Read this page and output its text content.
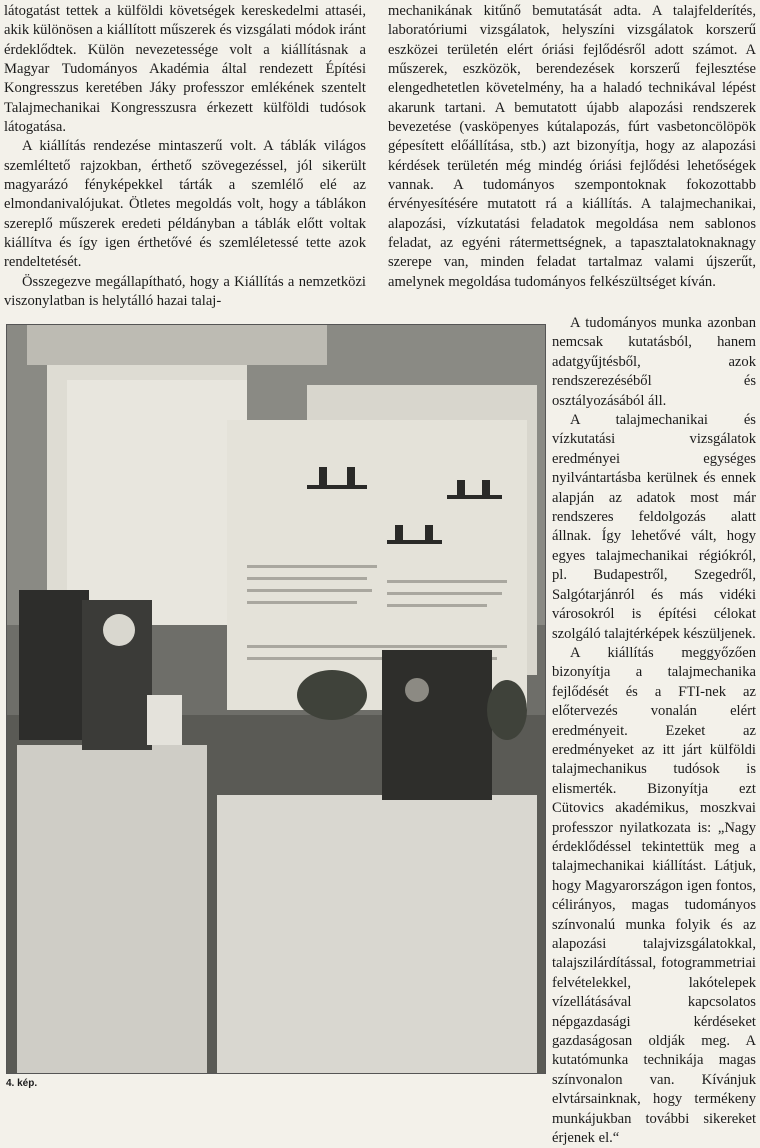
látogatást tettek a külföldi követségek kereskedelmi attaséi, akik különösen a kiállított műszerek és vizsgálati módok iránt érdeklődtek. Külön nevezetessége volt a kiállításnak a Magyar Tudományos Akadémia által rendezett Építési Kongresszus keretében Jáky professzor emlékének szentelt Talajmechanikai Kongresszusra érkezett külföldi tudósok látogatása.

A kiállítás rendezése mintaszerű volt. A táblák világos szemléltető rajzokban, érthető szövegezéssel, jól sikerült magyarázó fényképekkel tárták a szemlélő elé az elmondanivalójukat. Ötletes megoldás volt, hogy a táblákon szereplő műszerek eredeti példányban a táblák előtt voltak kiállítva és így igen érthetővé és szemléletessé tette azok rendeltetését.

Összegezve megállapítható, hogy a Kiállítás a nemzetközi viszonylatban is helytálló hazai talaj-

mechanikának kitűnő bemutatását adta. A talajfelderítés, laboratóriumi vizsgálatok, helyszíni vizsgálatok korszerű eszközei területén elért óriási fejlődésről adott számot. A műszerek, eszközök, berendezések korszerű fejlesztése elengedhetetlen követelmény, ha a haladó technikával lépést akarunk tartani. A bemutatott újabb alapozási rendszerek bevezetése (vasköpenyes kútalapozás, fúrt vasbetoncölöpök gépesített előállítása, stb.) azt bizonyítja, hogy az alapozási kérdések területén még mindég óriási fejlődési lehetőségek vannak. A tudományos szempontoknak fokozottabb érvényesítésére mutatott rá a kiállítás. A talajmechanikai, alapozási, vízkutatási feladatok megoldása nem sablonos feladat, az egyéni rátermettségnek, a tapasztalatoknaknagy szerepe van, minden feladat tartalmaz valami újszerűt, amelynek megoldása tudományos felkészültséget kíván.

A tudományos munka azonban nemcsak kutatásból, hanem adatgyűjtésből, azok rendszerezéséből és osztályozásából áll.

A talajmechanikai és vízkutatási vizsgálatok eredményei egységes nyilvántartásba kerülnek és ennek alapján az adatok most már rendszeres feldolgozás alatt állnak. Így lehetővé vált, hogy egyes talajmechanikai régiókról, pl. Budapestről, Szegedről, Salgótarjánról és más vidéki városokról is építési célokat szolgáló talajtérképek készüljenek.

A kiállítás meggyőzően bizonyítja a talajmechanika fejlődését és a FTI-nek az előtervezés vonalán elért eredményeit. Ezeket az eredményeket az itt járt külföldi talajmechanikus tudósok is elismerték. Bizonyítja ezt Cütovics akadémikus, moszkvai professzor nyilatkozata is: „Nagy érdeklődéssel tekintettük meg a talajmechanikai kiállítást. Látjuk, hogy Magyarországon igen fontos, célirányos, magas tudományos színvonalú munka folyik és az alapozási talajvizsgálatokkal, talajszilárdítással, fotogrammetriai felvételekkel, lakótelepek vízellátásával kapcsolatos népgazdasági kérdéseket gazdaságosan oldják meg. A kutatómunka technikája magas színvonalon van. Kívánjuk elvtársainknak, hogy termékeny munkájukban további sikereket érjenek el.“

4. kép.
